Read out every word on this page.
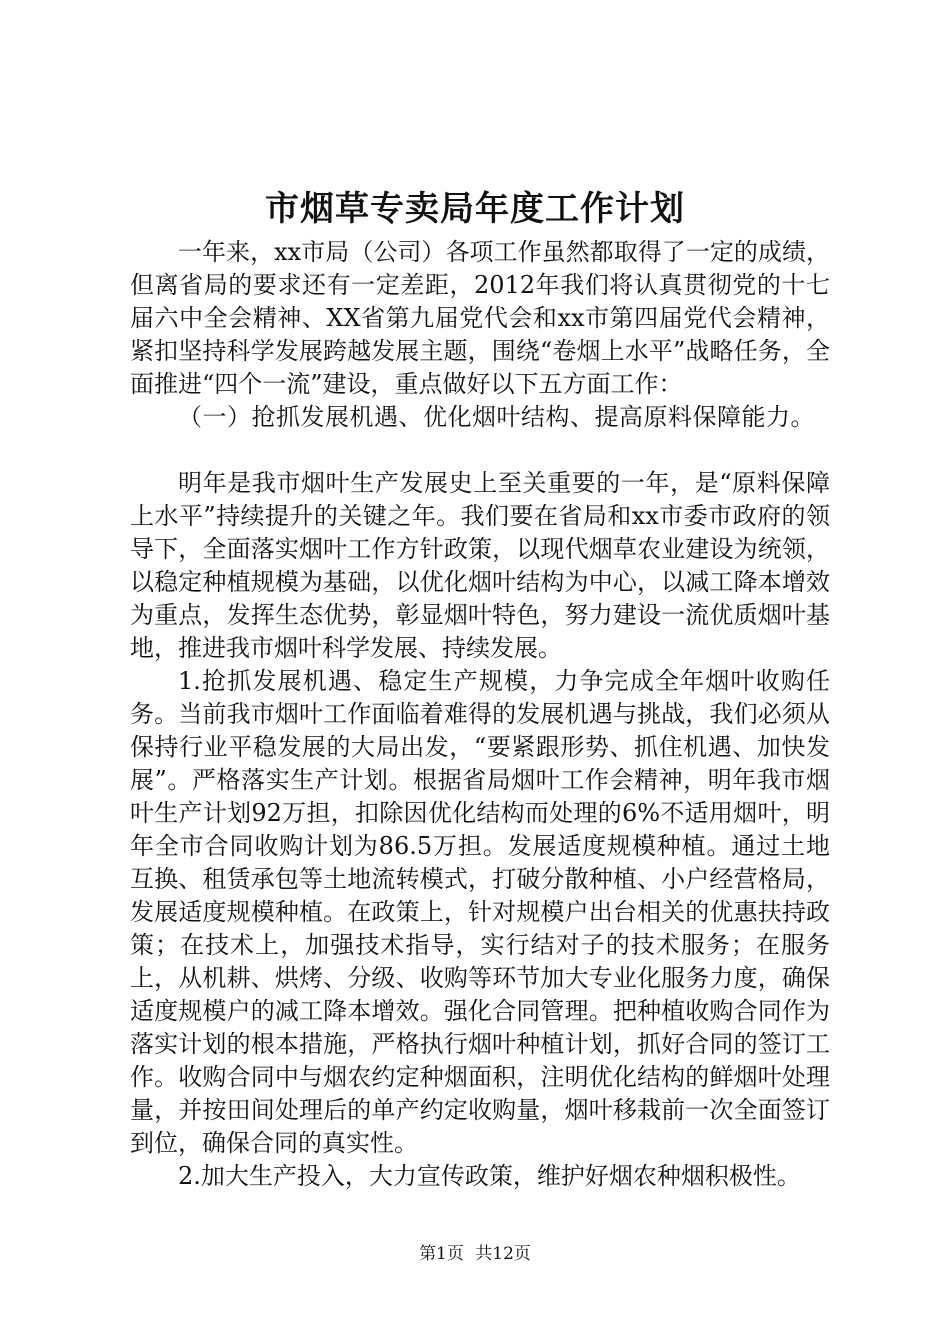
市烟草专卖局年度工作计划

一年来，xx市局（公司）各项工作虽然都取得了一定的成绩，但离省局的要求还有一定差距，2012年我们将认真贯彻党的十七届六中全会精神、XX省第九届党代会和xx市第四届党代会精神，紧扣坚持科学发展跨越发展主题，围绕“卷烟上水平”战略任务，全面推进“四个一流”建设，重点做好以下五方面工作：

（一）抢抓发展机遇、优化烟叶结构、提高原料保障能力。

明年是我市烟叶生产发展史上至关重要的一年，是“原料保障上水平”持续提升的关键之年。我们要在省局和xx市委市政府的领导下，全面落实烟叶工作方针政策，以现代烟草农业建设为统领，以稳定种植规模为基础，以优化烟叶结构为中心，以减工降本增效为重点，发挥生态优势，彰显烟叶特色，努力建设一流优质烟叶基地，推进我市烟叶科学发展、持续发展。

1.抢抓发展机遇、稳定生产规模，力争完成全年烟叶收购任务。当前我市烟叶工作面临着难得的发展机遇与挑战，我们必须从保持行业平稳发展的大局出发，“要紧跟形势、抓住机遇、加快发展”。严格落实生产计划。根据省局烟叶工作会精神，明年我市烟叶生产计划92万担，扣除因优化结构而处理的6%不适用烟叶，明年全市合同收购计划为86.5万担。发展适度规模种植。通过土地互换、租赁承包等土地流转模式，打破分散种植、小户经营格局，发展适度规模种植。在政策上，针对规模户出台相关的优惠扶持政策；在技术上，加强技术指导，实行结对子的技术服务；在服务上，从机耕、烘烤、分级、收购等环节加大专业化服务力度，确保适度规模户的减工降本增效。强化合同管理。把种植收购合同作为落实计划的根本措施，严格执行烟叶种植计划，抓好合同的签订工作。收购合同中与烟农约定种烟面积，注明优化结构的鲜烟叶处理量，并按田间处理后的单产约定收购量，烟叶移栽前一次全面签订到位，确保合同的真实性。

2.加大生产投入，大力宣传政策，维护好烟农种烟积极性。

第1页 共12页
